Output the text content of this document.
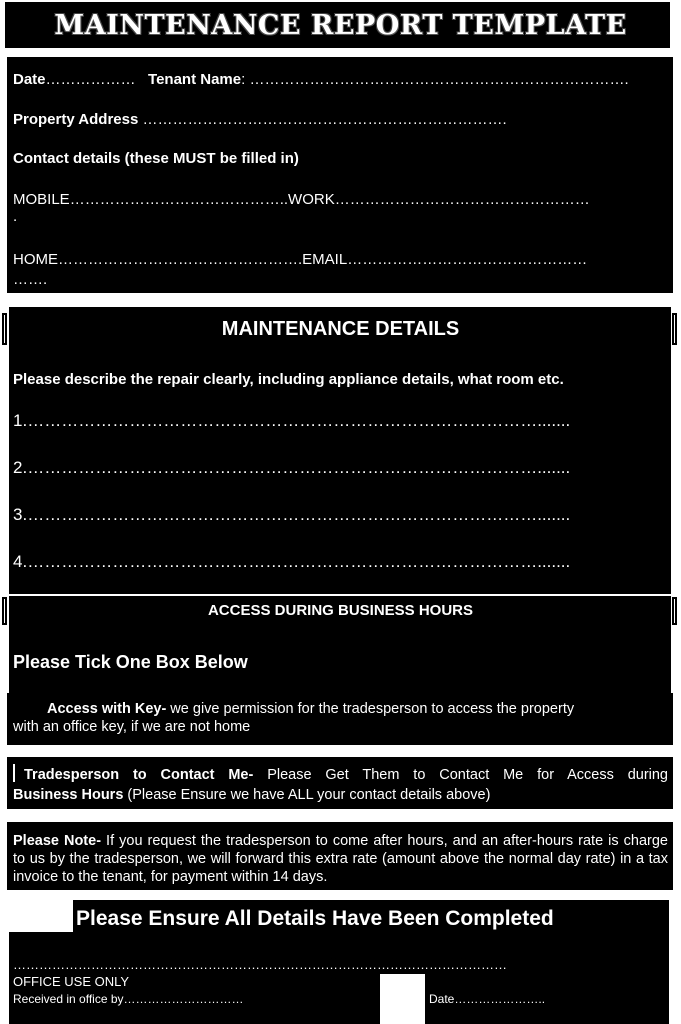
MAINTENANCE REPORT TEMPLATE
Date……………… Tenant Name: ………………………………………………………………….
Property Address ……………………………………………………………….
Contact details (these MUST be filled in)
MOBILE……………………………………..WORK……………………………………………
.
HOME………………………………………….EMAIL…………………………………………
…….
MAINTENANCE DETAILS
Please describe the repair clearly, including appliance details, what room etc.
1.……………………………………………………………………………….......
2.……………………………………………………………………………….......
3.……………………………………………………………………………….......
4.……………………………………………………………………………….......
ACCESS DURING BUSINESS HOURS
Please Tick One Box Below
Access with Key- we give permission for the tradesperson to access the property
with an office key, if we are not home
Tradesperson to Contact Me- Please Get Them to Contact Me for Access during
Business Hours (Please Ensure we have ALL your contact details above)
Please Note- If you request the tradesperson to come after hours, and an after-hours rate is charge to us by the tradesperson, we will forward this extra rate (amount above the normal day rate) in a tax invoice to the tenant, for payment within 14 days.
Please Ensure All Details Have Been Completed
……………………………………………………………………………………………………
OFFICE USE ONLY
Received in office by…………………………	Date…………………..
